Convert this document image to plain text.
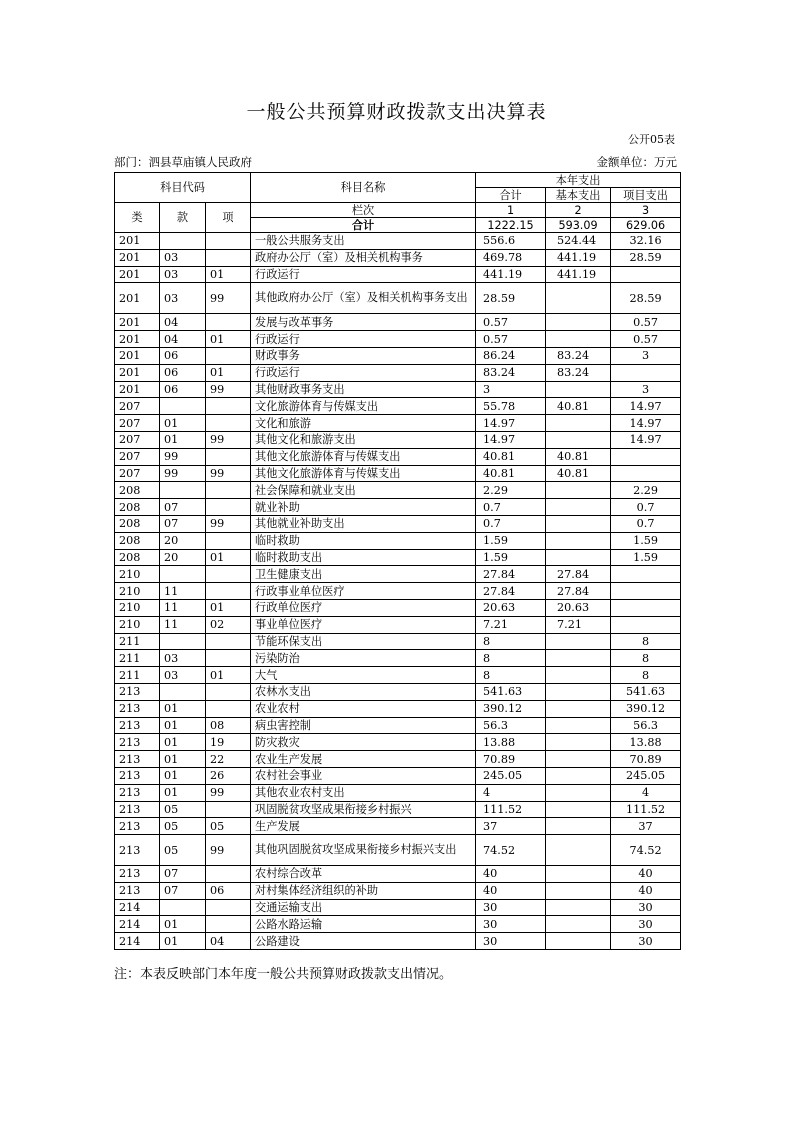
一般公共预算财政拨款支出决算表
公开05表
部门：泗县草庙镇人民政府	金额单位：万元
科目代码			科目名称	本年支出		
				合计	基本支出	项目支出
类	款	项	栏次	1	2	3
			合计	1222.15	593.09	629.06
201			一般公共服务支出	556.6	524.44	32.16
201	03		政府办公厅（室）及相关机构事务	469.78	441.19	28.59
201	03	01	行政运行	441.19	441.19	
201	03	99	其他政府办公厅（室）及相关机构事务支出	28.59		28.59
201	04		发展与改革事务	0.57		0.57
201	04	01	行政运行	0.57		0.57
201	06		财政事务	86.24	83.24	3
201	06	01	行政运行	83.24	83.24	
201	06	99	其他财政事务支出	3		3
207			文化旅游体育与传媒支出	55.78	40.81	14.97
207	01		文化和旅游	14.97		14.97
207	01	99	其他文化和旅游支出	14.97		14.97
207	99		其他文化旅游体育与传媒支出	40.81	40.81	
207	99	99	其他文化旅游体育与传媒支出	40.81	40.81	
208			社会保障和就业支出	2.29		2.29
208	07		就业补助	0.7		0.7
208	07	99	其他就业补助支出	0.7		0.7
208	20		临时救助	1.59		1.59
208	20	01	临时救助支出	1.59		1.59
210			卫生健康支出	27.84	27.84	
210	11		行政事业单位医疗	27.84	27.84	
210	11	01	行政单位医疗	20.63	20.63	
210	11	02	事业单位医疗	7.21	7.21	
211			节能环保支出	8		8
211	03		污染防治	8		8
211	03	01	大气	8		8
213			农林水支出	541.63		541.63
213	01		农业农村	390.12		390.12
213	01	08	病虫害控制	56.3		56.3
213	01	19	防灾救灾	13.88		13.88
213	01	22	农业生产发展	70.89		70.89
213	01	26	农村社会事业	245.05		245.05
213	01	99	其他农业农村支出	4		4
213	05		巩固脱贫攻坚成果衔接乡村振兴	111.52		111.52
213	05	05	生产发展	37		37
213	05	99	其他巩固脱贫攻坚成果衔接乡村振兴支出	74.52		74.52
213	07		农村综合改革	40		40
213	07	06	对村集体经济组织的补助	40		40
214			交通运输支出	30		30
214	01		公路水路运输	30		30
214	01	04	公路建设	30		30
注：本表反映部门本年度一般公共预算财政拨款支出情况。
